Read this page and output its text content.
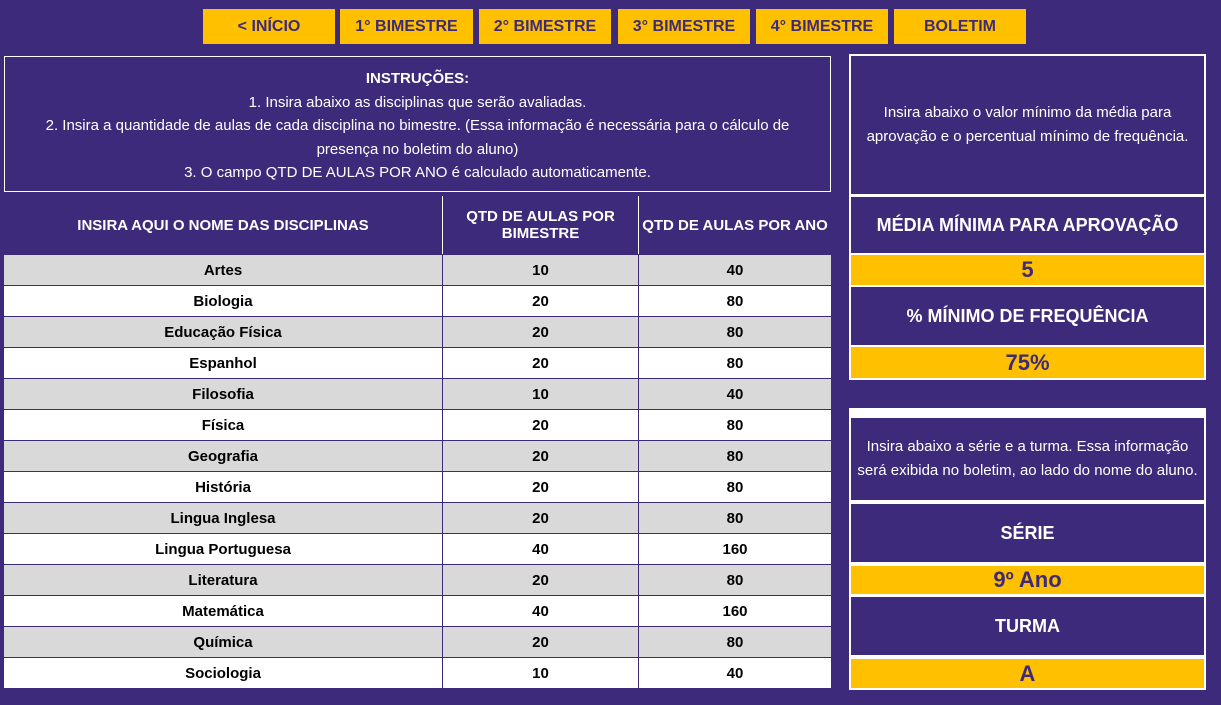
< INÍCIO	1° BIMESTRE	2° BIMESTRE	3° BIMESTRE	4° BIMESTRE	BOLETIM
INSTRUÇÕES:
1. Insira abaixo as disciplinas que serão avaliadas.
2. Insira a quantidade de aulas de cada disciplina no bimestre. (Essa informação é necessária para o cálculo de
presença no boletim do aluno)
3. O campo QTD DE AULAS POR ANO é calculado automaticamente.
INSIRA AQUI O NOME DAS DISCIPLINAS	QTD DE AULAS POR BIMESTRE	QTD DE AULAS POR ANO
Artes	10	40
Biologia	20	80
Educação Física	20	80
Espanhol	20	80
Filosofia	10	40
Física	20	80
Geografia	20	80
História	20	80
Lingua Inglesa	20	80
Lingua Portuguesa	40	160
Literatura	20	80
Matemática	40	160
Química	20	80
Sociologia	10	40
Insira abaixo o valor mínimo da média para aprovação e o percentual mínimo de frequência.
MÉDIA MÍNIMA PARA APROVAÇÃO
5
% MÍNIMO DE FREQUÊNCIA
75%
Insira abaixo a série e a turma. Essa informação será exibida no boletim, ao lado do nome do aluno.
SÉRIE
9º Ano
TURMA
A
